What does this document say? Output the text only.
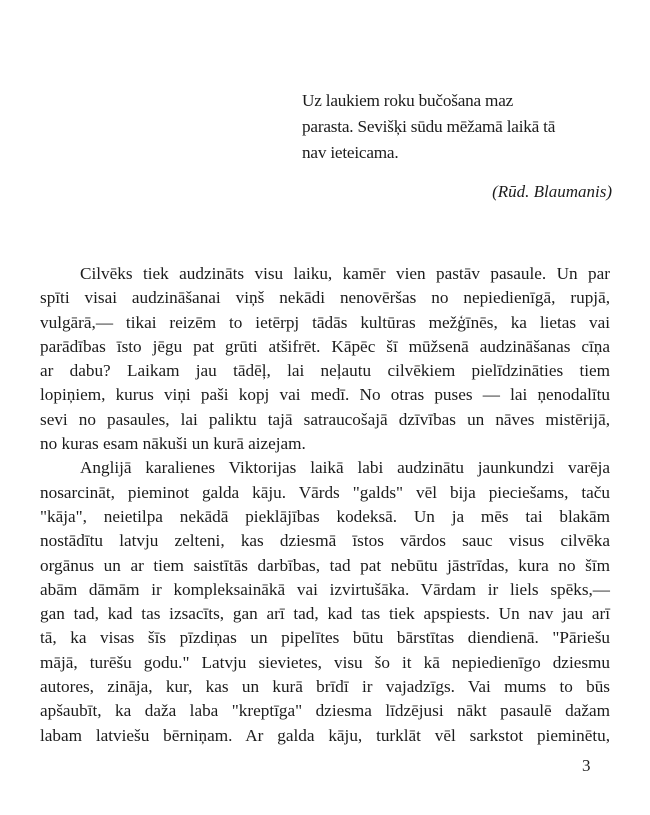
Uz laukiem roku bučošana maz
parasta. Sevišķi sūdu mēžamā laikā tā
nav ieteicama.
(Rūd. Blaumanis)
Cilvēks tiek audzināts visu laiku, kamēr vien pastāv pasaule. Un par
spīti visai audzināšanai viņš nekādi nenovēršas no nepiedienīgā, rupjā,
vulgārā,— tikai reizēm to ietērpj tādās kultūras mežģīnēs, ka lietas vai
parādības īsto jēgu pat grūti atšifrēt. Kāpēc šī mūžsenā audzināšanas cīņa
ar dabu? Laikam jau tādēļ, lai neļautu cilvēkiem pielīdzināties tiem
lopiņiem, kurus viņi paši kopj vai medī. No otras puses — lai ņenodalītu
sevi no pasaules, lai paliktu tajā satraucošajā dzīvības un nāves mistērijā,
no kuras esam nākuši un kurā aizejam.
Anglijā karalienes Viktorijas laikā labi audzinātu jaunkundzi varēja
nosarcināt, pieminot galda kāju. Vārds "galds" vēl bija pieciešams, taču
"kāja", neietilpa nekādā pieklājības kodeksā. Un ja mēs tai blakām
nostādītu latvju zelteni, kas dziesmā īstos vārdos sauc visus cilvēka
orgānus un ar tiem saistītās darbības, tad pat nebūtu jāstrīdas, kura no šīm
abām dāmām ir kompleksainākā vai izvirtušāka. Vārdam ir liels spēks,—
gan tad, kad tas izsacīts, gan arī tad, kad tas tiek apspiests. Un nav jau arī
tā, ka visas šīs pīzdiņas un pipelītes būtu bārstītas diendienā. "Pāriešu
mājā, turēšu godu." Latvju sievietes, visu šo it kā nepiedienīgo dziesmu
autores, zināja, kur, kas un kurā brīdī ir vajadzīgs. Vai mums to būs
apšaubīt, ka daža laba "kreptīga" dziesma līdzējusi nākt pasaulē dažam
labam latviešu bērniņam. Ar galda kāju, turklāt vēl sarkstot pieminētu,
3
